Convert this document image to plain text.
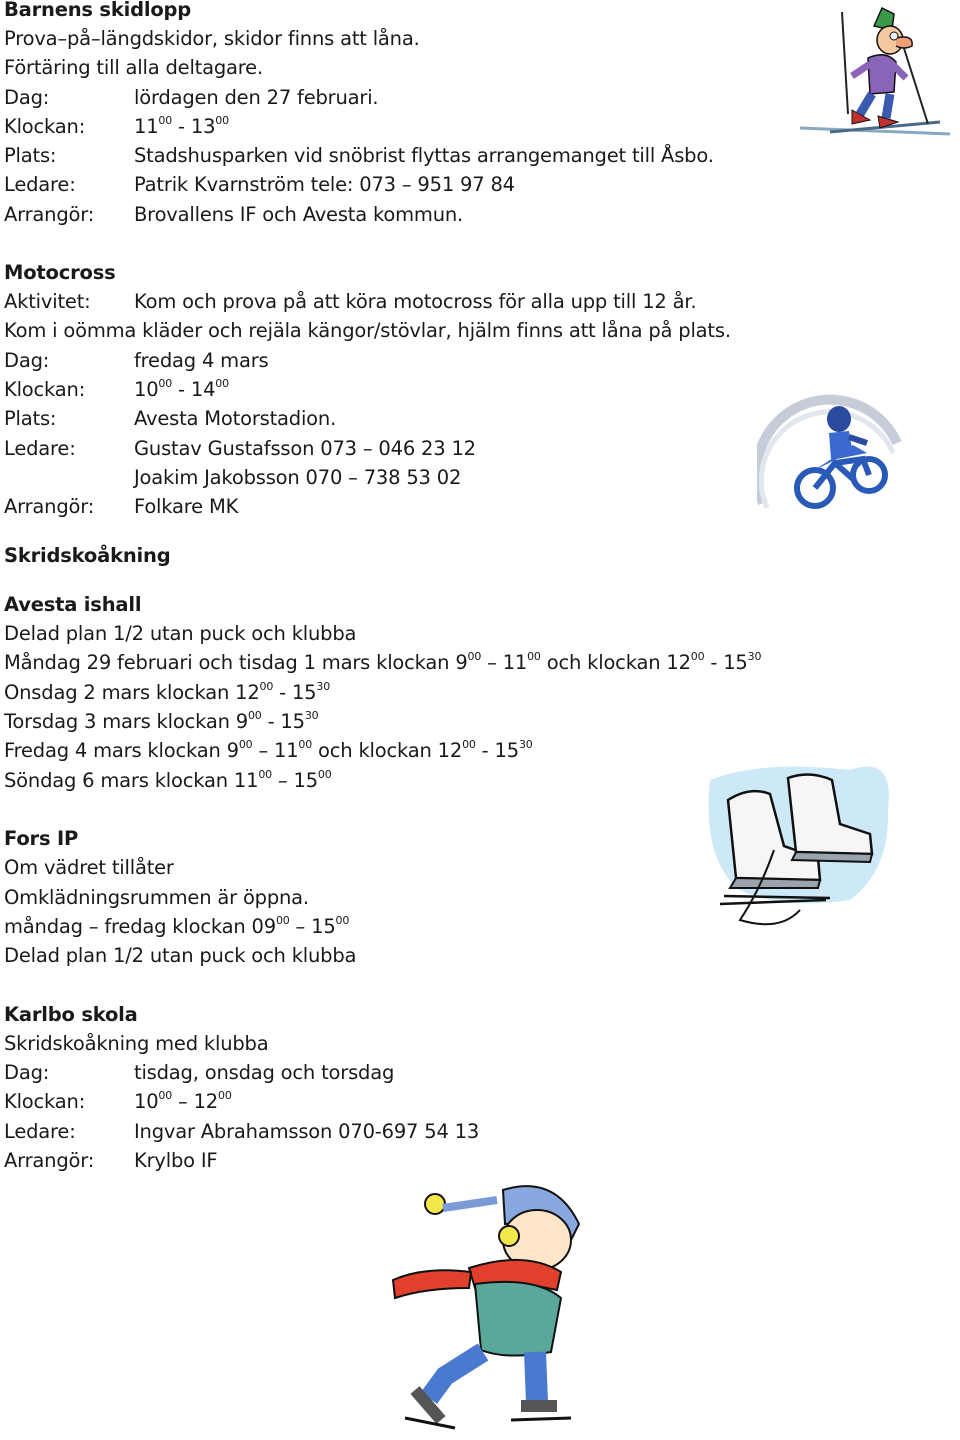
Barnens skidlopp
Prova–på–längdskidor, skidor finns att låna.
Förtäring till alla deltagare.
Dag:	lördagen den 27 februari.
Klockan:	$11^{00} - 13^{00}$
Plats:	Stadshusparken vid snöbrist flyttas arrangemanget till Åsbo.
Ledare:	Patrik Kvarnström tele: 073 – 951 97 84
Arrangör: Brovallens IF och Avesta kommun.
Motocross
Aktivitet: Kom och prova på att köra motocross för alla upp till 12 år.
Kom i oömma kläder och rejäla kängor/stövlar, hjälm finns att låna på plats.
Dag:	fredag 4 mars
Klockan:	$10^{00} - 14^{00}$
Plats:	Avesta Motorstadion.
Ledare:	Gustav Gustafsson 073 – 046 23 12
Joakim Jakobsson 070 – 738 53 02
Arrangör: Folkare MK
Skridskoåkning
Avesta ishall
Delad plan 1/2 utan puck och klubba
Måndag 29 februari och tisdag 1 mars klockan $9^{00} - 11^{00}$ och klockan $12^{00} - 15^{30}$
Onsdag 2 mars klockan $12^{00} - 15^{30}$
Torsdag 3 mars klockan $9^{00} - 15^{30}$
Fredag 4 mars klockan $9^{00} - 11^{00}$ och klockan $12^{00} - 15^{30}$
Söndag 6 mars klockan $11^{00} - 15^{00}$
Fors IP
Om vädret tillåter
Omklädningsrummen är öppna.
måndag – fredag klockan $09^{00} - 15^{00}$
Delad plan 1/2 utan puck och klubba
Karlbo skola
Skridskoåkning med klubba
Dag:	tisdag, onsdag och torsdag
Klockan:	$10^{00} - 12^{00}$
Ledare:	Ingvar Abrahamsson 070-697 54 13
Arrangör: Krylbo IF
